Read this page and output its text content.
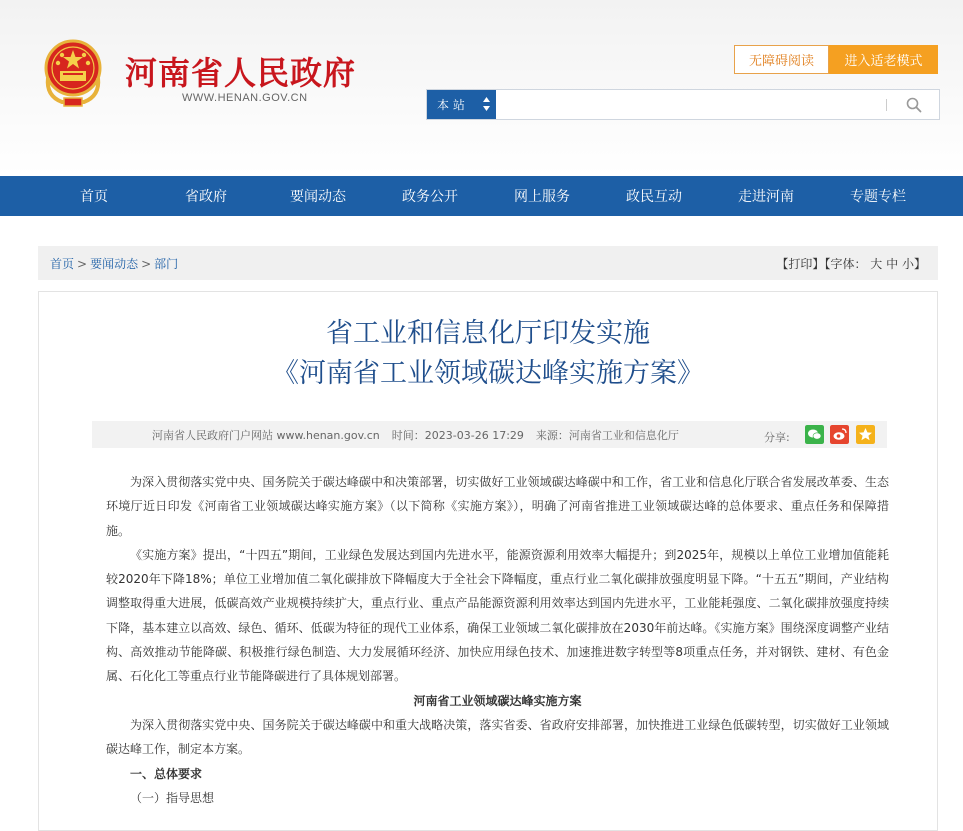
河南省人民政府
WWW.HENAN.GOV.CN
无障碍阅读	进入适老模式
本 站
首页	省政府	要闻动态	政务公开	网上服务	政民互动	走进河南	专题专栏
首页 > 要闻动态 > 部门	【打印】【字体： 大 中 小】
省工业和信息化厅印发实施
《河南省工业领域碳达峰实施方案》
河南省人民政府门户网站 www.henan.gov.cn 时间：2023-03-26 17:29 来源：河南省工业和信息化厅	分享:

为深入贯彻落实党中央、国务院关于碳达峰碳中和决策部署，切实做好工业领域碳达峰碳中和工作，省工业和信息化厅联合省发展改革委、生态环境厅近日印发《河南省工业领域碳达峰实施方案》（以下简称《实施方案》），明确了河南省推进工业领域碳达峰的总体要求、重点任务和保障措施。

《实施方案》提出，“十四五”期间，工业绿色发展达到国内先进水平，能源资源利用效率大幅提升；到2025年，规模以上单位工业增加值能耗较2020年下降18%；单位工业增加值二氧化碳排放下降幅度大于全社会下降幅度，重点行业二氧化碳排放强度明显下降。“十五五”期间，产业结构调整取得重大进展，低碳高效产业规模持续扩大，重点行业、重点产品能源资源利用效率达到国内先进水平，工业能耗强度、二氧化碳排放强度持续下降，基本建立以高效、绿色、循环、低碳为特征的现代工业体系，确保工业领域二氧化碳排放在2030年前达峰。《实施方案》围绕深度调整产业结构、高效推动节能降碳、积极推行绿色制造、大力发展循环经济、加快应用绿色技术、加速推进数字转型等8项重点任务，并对钢铁、建材、有色金属、石化化工等重点行业节能降碳进行了具体规划部署。

河南省工业领域碳达峰实施方案

为深入贯彻落实党中央、国务院关于碳达峰碳中和重大战略决策，落实省委、省政府安排部署，加快推进工业绿色低碳转型，切实做好工业领域碳达峰工作，制定本方案。

一、总体要求

（一）指导思想
